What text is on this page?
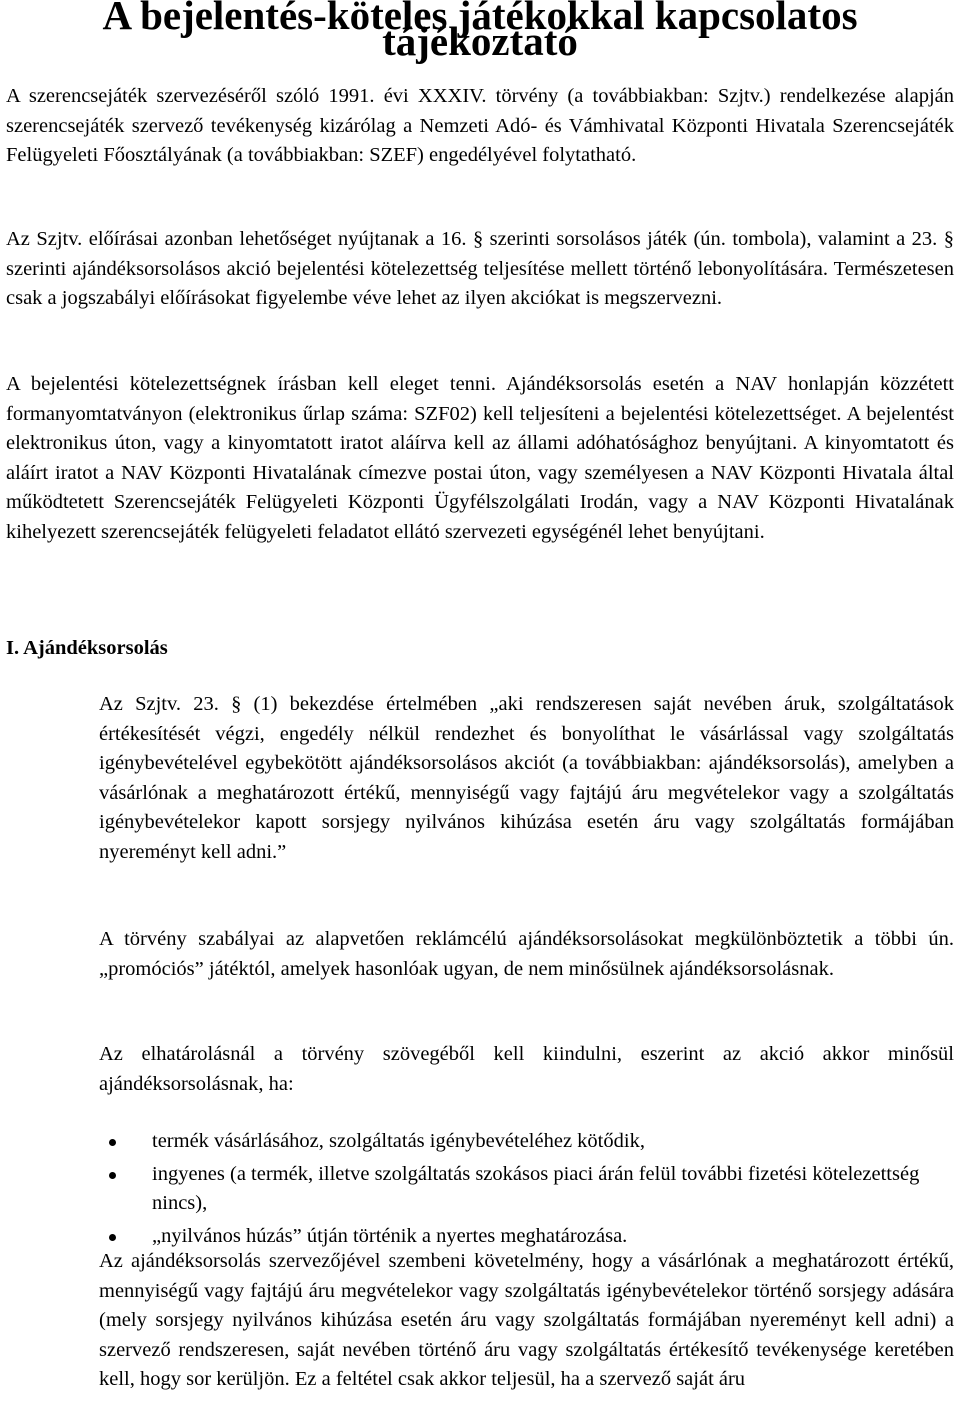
A bejelentés-köteles játékokkal kapcsolatos tájékoztató

A szerencsejáték szervezéséről szóló 1991. évi XXXIV. törvény (a továbbiakban: Szjtv.) rendelkezése alapján szerencsejáték szervező tevékenység kizárólag a Nemzeti Adó- és Vámhivatal Központi Hivatala Szerencsejáték Felügyeleti Főosztályának (a továbbiakban: SZEF) engedélyével folytatható.

Az Szjtv. előírásai azonban lehetőséget nyújtanak a 16. § szerinti sorsolásos játék (ún. tombola), valamint a 23. § szerinti ajándéksorsolásos akció bejelentési kötelezettség teljesítése mellett történő lebonyolítására. Természetesen csak a jogszabályi előírásokat figyelembe véve lehet az ilyen akciókat is megszervezni.

A bejelentési kötelezettségnek írásban kell eleget tenni. Ajándéksorsolás esetén a NAV honlapján közzétett formanyomtatványon (elektronikus űrlap száma: SZF02) kell teljesíteni a bejelentési kötelezettséget. A bejelentést elektronikus úton, vagy a kinyomtatott iratot aláírva kell az állami adóhatósághoz benyújtani. A kinyomtatott és aláírt iratot a NAV Központi Hivatalának címezve postai úton, vagy személyesen a NAV Központi Hivatala által működtetett Szerencsejáték Felügyeleti Központi Ügyfélszolgálati Irodán, vagy a NAV Központi Hivatalának kihelyezett szerencsejáték felügyeleti feladatot ellátó szervezeti egységénél lehet benyújtani.

I. Ajándéksorsolás

Az Szjtv. 23. § (1) bekezdése értelmében „aki rendszeresen saját nevében áruk, szolgáltatások értékesítését végzi, engedély nélkül rendezhet és bonyolíthat le vásárlással vagy szolgáltatás igénybevételével egybekötött ajándéksorsolásos akciót (a továbbiakban: ajándéksorsolás), amelyben a vásárlónak a meghatározott értékű, mennyiségű vagy fajtájú áru megvételekor vagy a szolgáltatás igénybevételekor kapott sorsjegy nyilvános kihúzása esetén áru vagy szolgáltatás formájában nyereményt kell adni.”

A törvény szabályai az alapvetően reklámcélú ajándéksorsolásokat megkülönböztetik a többi ún. „promóciós” játéktól, amelyek hasonlóak ugyan, de nem minősülnek ajándéksorsolásnak.

Az elhatárolásnál a törvény szövegéből kell kiindulni, eszerint az akció akkor minősül ajándéksorsolásnak, ha:

termék vásárlásához, szolgáltatás igénybevételéhez kötődik,
ingyenes (a termék, illetve szolgáltatás szokásos piaci árán felül további fizetési kötelezettség nincs),
„nyilvános húzás” útján történik a nyertes meghatározása.

Az ajándéksorsolás szervezőjével szembeni követelmény, hogy a vásárlónak a meghatározott értékű, mennyiségű vagy fajtájú áru megvételekor vagy szolgáltatás igénybevételekor történő sorsjegy adására (mely sorsjegy nyilvános kihúzása esetén áru vagy szolgáltatás formájában nyereményt kell adni) a szervező rendszeresen, saját nevében történő áru vagy szolgáltatás értékesítő tevékenysége keretében kell, hogy sor kerüljön. Ez a feltétel csak akkor teljesül, ha a szervező saját áru
